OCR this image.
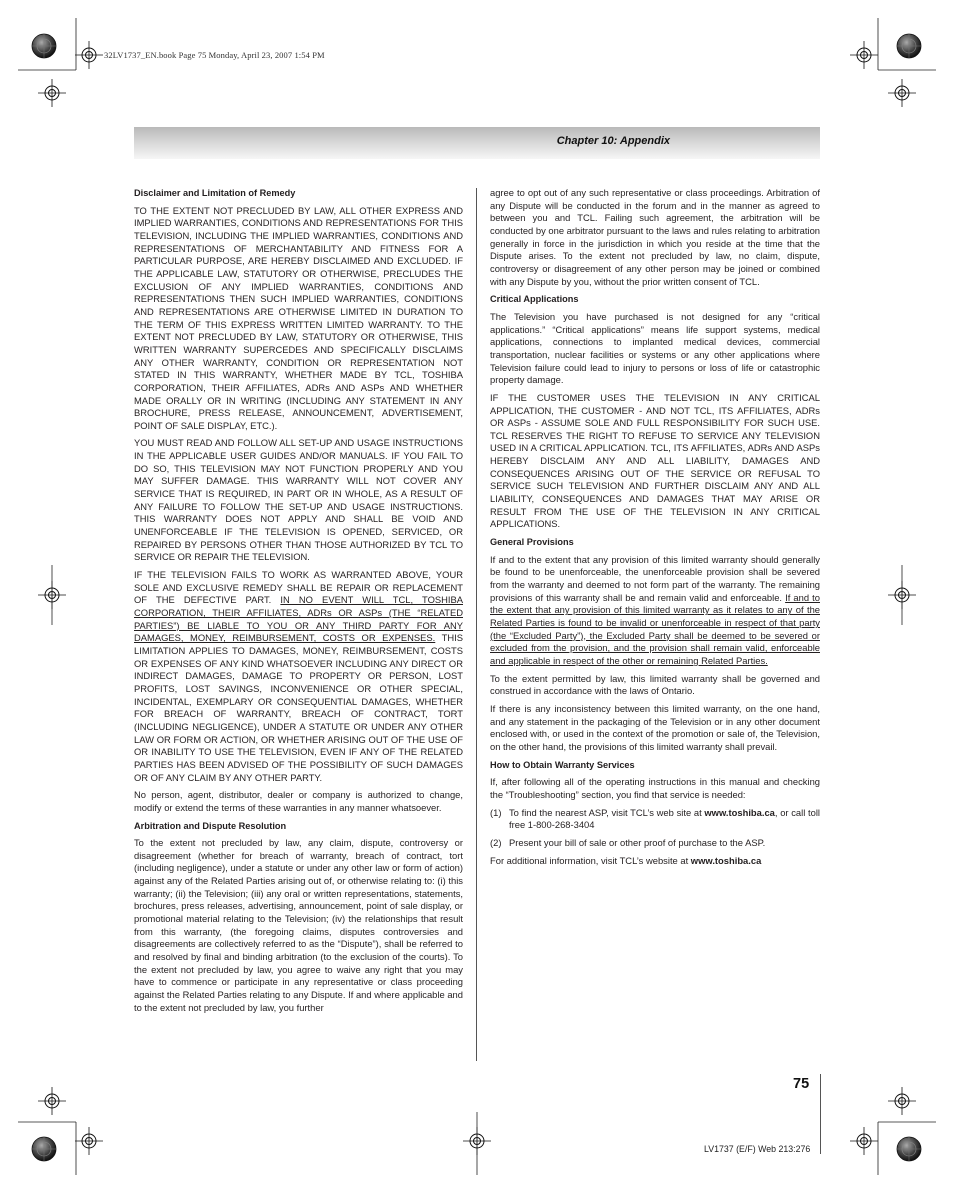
32LV1737_EN.book Page 75 Monday, April 23, 2007 1:54 PM
Chapter 10: Appendix
Disclaimer and Limitation of Remedy

TO THE EXTENT NOT PRECLUDED BY LAW, ALL OTHER EXPRESS AND IMPLIED WARRANTIES, CONDITIONS AND REPRESENTATIONS FOR THIS TELEVISION, INCLUDING THE IMPLIED WARRANTIES, CONDITIONS AND REPRESENTATIONS OF MERCHANTABILITY AND FITNESS FOR A PARTICULAR PURPOSE, ARE HEREBY DISCLAIMED AND EXCLUDED. IF THE APPLICABLE LAW, STATUTORY OR OTHERWISE, PRECLUDES THE EXCLUSION OF ANY IMPLIED WARRANTIES, CONDITIONS AND REPRESENTATIONS THEN SUCH IMPLIED WARRANTIES, CONDITIONS AND REPRESENTATIONS ARE OTHERWISE LIMITED IN DURATION TO THE TERM OF THIS EXPRESS WRITTEN LIMITED WARRANTY. TO THE EXTENT NOT PRECLUDED BY LAW, STATUTORY OR OTHERWISE, THIS WRITTEN WARRANTY SUPERCEDES AND SPECIFICALLY DISCLAIMS ANY OTHER WARRANTY, CONDITION OR REPRESENTATION NOT STATED IN THIS WARRANTY, WHETHER MADE BY TCL, TOSHIBA CORPORATION, THEIR AFFILIATES, ADRs AND ASPs AND WHETHER MADE ORALLY OR IN WRITING (INCLUDING ANY STATEMENT IN ANY BROCHURE, PRESS RELEASE, ANNOUNCEMENT, ADVERTISEMENT, POINT OF SALE DISPLAY, ETC.).

YOU MUST READ AND FOLLOW ALL SET-UP AND USAGE INSTRUCTIONS IN THE APPLICABLE USER GUIDES AND/OR MANUALS. IF YOU FAIL TO DO SO, THIS TELEVISION MAY NOT FUNCTION PROPERLY AND YOU MAY SUFFER DAMAGE. THIS WARRANTY WILL NOT COVER ANY SERVICE THAT IS REQUIRED, IN PART OR IN WHOLE, AS A RESULT OF ANY FAILURE TO FOLLOW THE SET-UP AND USAGE INSTRUCTIONS. THIS WARRANTY DOES NOT APPLY AND SHALL BE VOID AND UNENFORCEABLE IF THE TELEVISION IS OPENED, SERVICED, OR REPAIRED BY PERSONS OTHER THAN THOSE AUTHORIZED BY TCL TO SERVICE OR REPAIR THE TELEVISION.

IF THE TELEVISION FAILS TO WORK AS WARRANTED ABOVE, YOUR SOLE AND EXCLUSIVE REMEDY SHALL BE REPAIR OR REPLACEMENT OF THE DEFECTIVE PART. IN NO EVENT WILL TCL, TOSHIBA CORPORATION, THEIR AFFILIATES, ADRs OR ASPs (THE “RELATED PARTIES”) BE LIABLE TO YOU OR ANY THIRD PARTY FOR ANY DAMAGES, MONEY, REIMBURSEMENT, COSTS OR EXPENSES. THIS LIMITATION APPLIES TO DAMAGES, MONEY, REIMBURSEMENT, COSTS OR EXPENSES OF ANY KIND WHATSOEVER INCLUDING ANY DIRECT OR INDIRECT DAMAGES, DAMAGE TO PROPERTY OR PERSON, LOST PROFITS, LOST SAVINGS, INCONVENIENCE OR OTHER SPECIAL, INCIDENTAL, EXEMPLARY OR CONSEQUENTIAL DAMAGES, WHETHER FOR BREACH OF WARRANTY, BREACH OF CONTRACT, TORT (INCLUDING NEGLIGENCE), UNDER A STATUTE OR UNDER ANY OTHER LAW OR FORM OR ACTION, OR WHETHER ARISING OUT OF THE USE OF OR INABILITY TO USE THE TELEVISION, EVEN IF ANY OF THE RELATED PARTIES HAS BEEN ADVISED OF THE POSSIBILITY OF SUCH DAMAGES OR OF ANY CLAIM BY ANY OTHER PARTY.

No person, agent, distributor, dealer or company is authorized to change, modify or extend the terms of these warranties in any manner whatsoever.

Arbitration and Dispute Resolution

To the extent not precluded by law, any claim, dispute, controversy or disagreement (whether for breach of warranty, breach of contract, tort (including negligence), under a statute or under any other law or form of action) against any of the Related Parties arising out of, or otherwise relating to: (i) this warranty; (ii) the Television; (iii) any oral or written representations, statements, brochures, press releases, advertising, announcement, point of sale display, or promotional material relating to the Television; (iv) the relationships that result from this warranty, (the foregoing claims, disputes controversies and disagreements are collectively referred to as the “Dispute”), shall be referred to and resolved by final and binding arbitration (to the exclusion of the courts). To the extent not precluded by law, you agree to waive any right that you may have to commence or participate in any representative or class proceeding against the Related Parties relating to any Dispute. If and where applicable and to the extent not precluded by law, you further

agree to opt out of any such representative or class proceedings. Arbitration of any Dispute will be conducted in the forum and in the manner as agreed to between you and TCL. Failing such agreement, the arbitration will be conducted by one arbitrator pursuant to the laws and rules relating to arbitration generally in force in the jurisdiction in which you reside at the time that the Dispute arises. To the extent not precluded by law, no claim, dispute, controversy or disagreement of any other person may be joined or combined with any Dispute by you, without the prior written consent of TCL.

Critical Applications

The Television you have purchased is not designed for any “critical applications.” “Critical applications” means life support systems, medical applications, connections to implanted medical devices, commercial transportation, nuclear facilities or systems or any other applications where Television failure could lead to injury to persons or loss of life or catastrophic property damage.

IF THE CUSTOMER USES THE TELEVISION IN ANY CRITICAL APPLICATION, THE CUSTOMER - AND NOT TCL, ITS AFFILIATES, ADRs OR ASPs - ASSUME SOLE AND FULL RESPONSIBILITY FOR SUCH USE. TCL RESERVES THE RIGHT TO REFUSE TO SERVICE ANY TELEVISION USED IN A CRITICAL APPLICATION. TCL, ITS AFFILIATES, ADRs AND ASPs HEREBY DISCLAIM ANY AND ALL LIABILITY, DAMAGES AND CONSEQUENCES ARISING OUT OF THE SERVICE OR REFUSAL TO SERVICE SUCH TELEVISION AND FURTHER DISCLAIM ANY AND ALL LIABILITY, CONSEQUENCES AND DAMAGES THAT MAY ARISE OR RESULT FROM THE USE OF THE TELEVISION IN ANY CRITICAL APPLICATIONS.

General Provisions

If and to the extent that any provision of this limited warranty should generally be found to be unenforceable, the unenforceable provision shall be severed from the warranty and deemed to not form part of the warranty. The remaining provisions of this warranty shall be and remain valid and enforceable. If and to the extent that any provision of this limited warranty as it relates to any of the Related Parties is found to be invalid or unenforceable in respect of that party (the “Excluded Party”), the Excluded Party shall be deemed to be severed or excluded from the provision, and the provision shall remain valid, enforceable and applicable in respect of the other or remaining Related Parties.

To the extent permitted by law, this limited warranty shall be governed and construed in accordance with the laws of Ontario.

If there is any inconsistency between this limited warranty, on the one hand, and any statement in the packaging of the Television or in any other document enclosed with, or used in the context of the promotion or sale of, the Television, on the other hand, the provisions of this limited warranty shall prevail.

How to Obtain Warranty Services

If, after following all of the operating instructions in this manual and checking the “Troubleshooting” section, you find that service is needed:

(1) To find the nearest ASP, visit TCL’s web site at www.toshiba.ca, or call toll free 1-800-268-3404

(2) Present your bill of sale or other proof of purchase to the ASP.

For additional information, visit TCL’s website at www.toshiba.ca

75
LV1737 (E/F) Web 213:276
